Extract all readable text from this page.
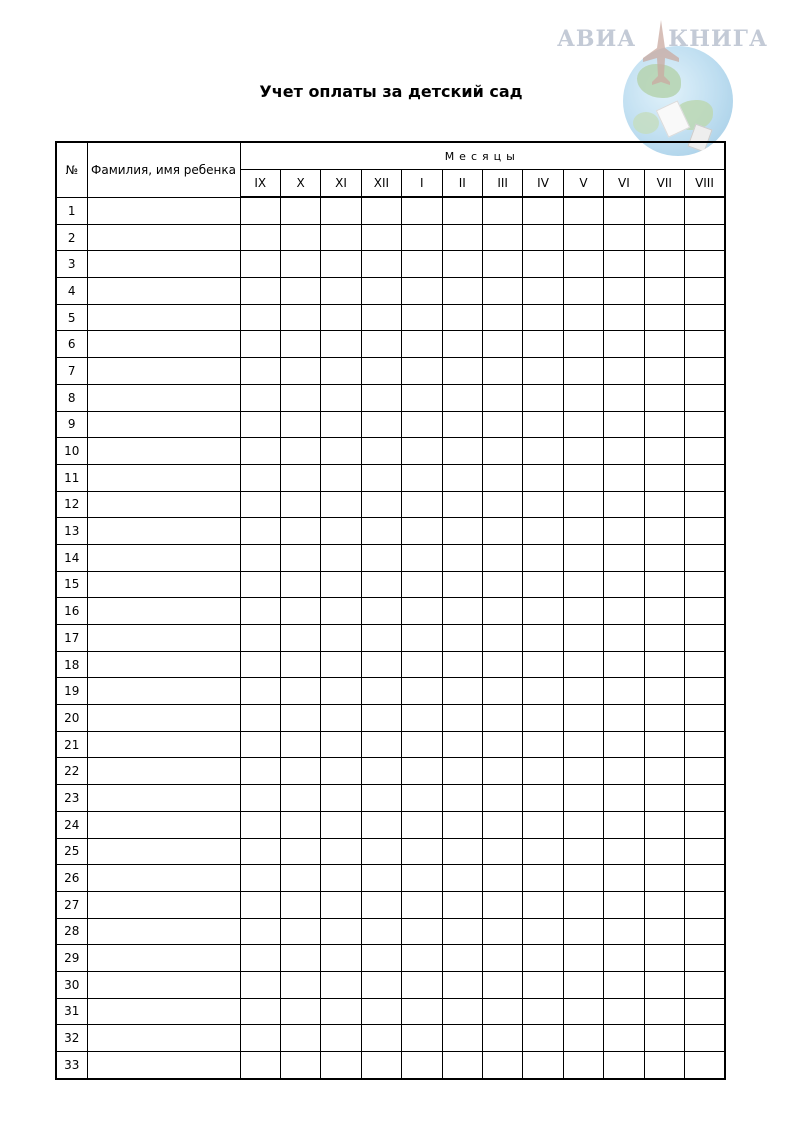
АВИА КНИГА
Учет оплаты за детский сад
№	Фамилия, имя ребенка	Месяцы											
		IX	X	XI	XII	I	II	III	IV	V	VI	VII	VIII
1													
2													
3													
4													
5													
6													
7													
8													
9													
10													
11													
12													
13													
14													
15													
16													
17													
18													
19													
20													
21													
22													
23													
24													
25													
26													
27													
28													
29													
30													
31													
32													
33													
